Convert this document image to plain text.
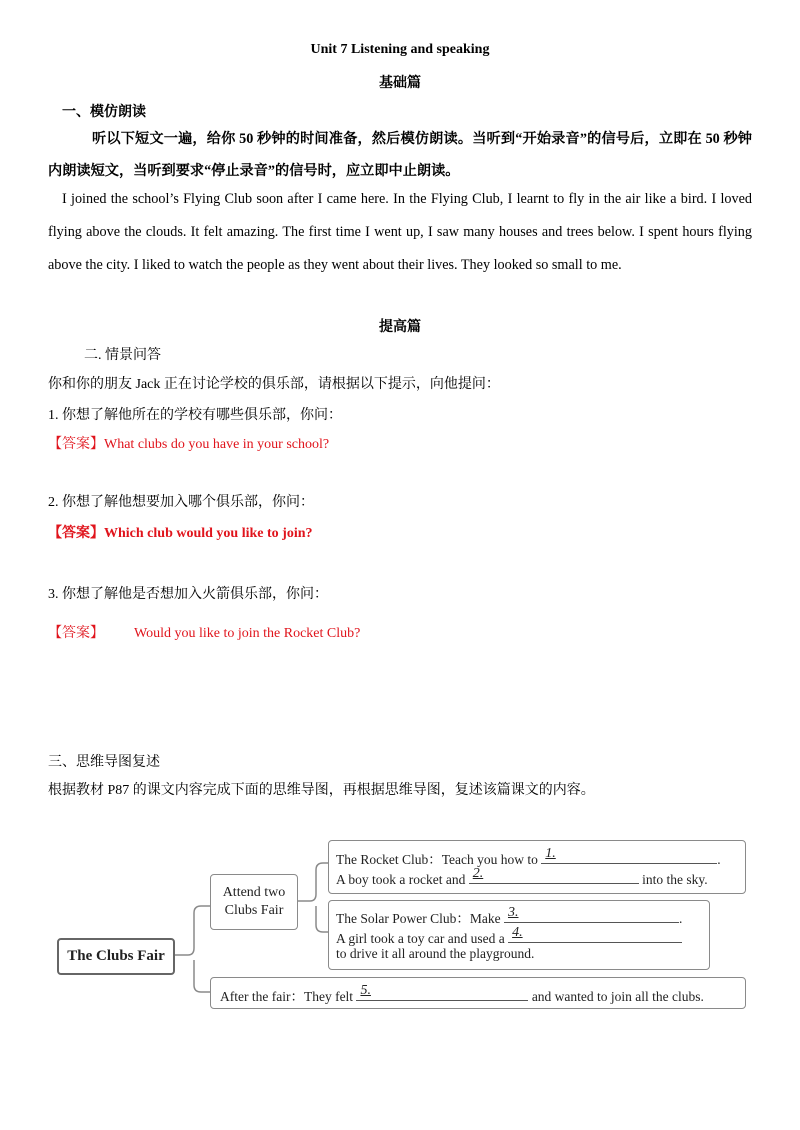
Unit 7 Listening and speaking
基础篇
一、模仿朗读
听以下短文一遍，给你 50 秒钟的时间准备，然后模仿朗读。当听到“开始录音”的信号后，立即在 50 秒钟内朗读短文，当听到要求“停止录音”的信号时，应立即中止朗读。
I joined the school’s Flying Club soon after I came here. In the Flying Club, I learnt to fly in the air like a bird. I loved flying above the clouds. It felt amazing. The first time I went up, I saw many houses and trees below. I spent hours flying above the city. I liked to watch the people as they went about their lives. They looked so small to me.
提高篇
二. 情景问答
你和你的朋友 Jack 正在讨论学校的俱乐部，请根据以下提示，向他提问：
1. 你想了解他所在的学校有哪些俱乐部，你问：
【答案】What clubs do you have in your school?
2. 你想了解他想要加入哪个俱乐部，你问：
【答案】Which club would you like to join?
3. 你想了解他是否想加入火箭俱乐部，你问：
【答案】 Would you like to join the Rocket Club?
三、思维导图复述
根据教材 P87 的课文内容完成下面的思维导图，再根据思维导图，复述该篇课文的内容。
The Clubs Fair
Attend two Clubs Fair
The Rocket Club：Teach you how to 1.	.
A boy took a rocket and 2.	into the sky.
The Solar Power Club：Make 3.	.
A girl took a toy car and used a 4.
to drive it all around the playground.
After the fair：They felt 5.	and wanted to join all the clubs.
